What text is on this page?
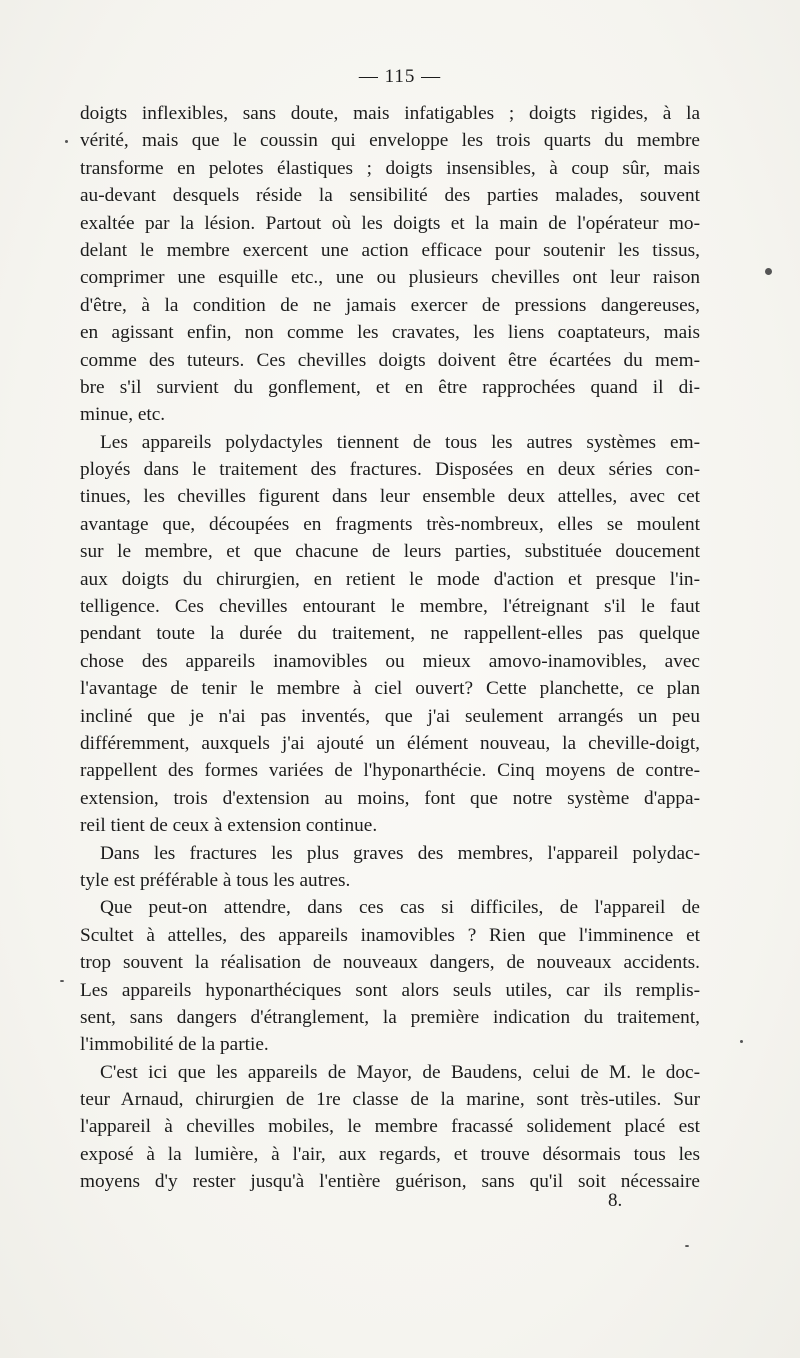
— 115 —
doigts inflexibles, sans doute, mais infatigables ; doigts rigides, à la
vérité, mais que le coussin qui enveloppe les trois quarts du membre
transforme en pelotes élastiques ; doigts insensibles, à coup sûr, mais
au-devant desquels réside la sensibilité des parties malades, souvent
exaltée par la lésion. Partout où les doigts et la main de l'opérateur mo-
delant le membre exercent une action efficace pour soutenir les tissus,
comprimer une esquille etc., une ou plusieurs chevilles ont leur raison
d'être, à la condition de ne jamais exercer de pressions dangereuses,
en agissant enfin, non comme les cravates, les liens coaptateurs, mais
comme des tuteurs. Ces chevilles doigts doivent être écartées du mem-
bre s'il survient du gonflement, et en être rapprochées quand il di-
minue, etc.
Les appareils polydactyles tiennent de tous les autres systèmes em-
ployés dans le traitement des fractures. Disposées en deux séries con-
tinues, les chevilles figurent dans leur ensemble deux attelles, avec cet
avantage que, découpées en fragments très-nombreux, elles se moulent
sur le membre, et que chacune de leurs parties, substituée doucement
aux doigts du chirurgien, en retient le mode d'action et presque l'in-
telligence. Ces chevilles entourant le membre, l'étreignant s'il le faut
pendant toute la durée du traitement, ne rappellent-elles pas quelque
chose des appareils inamovibles ou mieux amovo-inamovibles, avec
l'avantage de tenir le membre à ciel ouvert? Cette planchette, ce plan
incliné que je n'ai pas inventés, que j'ai seulement arrangés un peu
différemment, auxquels j'ai ajouté un élément nouveau, la cheville-doigt,
rappellent des formes variées de l'hyponarthécie. Cinq moyens de contre-
extension, trois d'extension au moins, font que notre système d'appa-
reil tient de ceux à extension continue.
Dans les fractures les plus graves des membres, l'appareil polydac-
tyle est préférable à tous les autres.
Que peut-on attendre, dans ces cas si difficiles, de l'appareil de
Scultet à attelles, des appareils inamovibles ? Rien que l'imminence et
trop souvent la réalisation de nouveaux dangers, de nouveaux accidents.
Les appareils hyponarthéciques sont alors seuls utiles, car ils remplis-
sent, sans dangers d'étranglement, la première indication du traitement,
l'immobilité de la partie.
C'est ici que les appareils de Mayor, de Baudens, celui de M. le doc-
teur Arnaud, chirurgien de 1re classe de la marine, sont très-utiles. Sur
l'appareil à chevilles mobiles, le membre fracassé solidement placé est
exposé à la lumière, à l'air, aux regards, et trouve désormais tous les
moyens d'y rester jusqu'à l'entière guérison, sans qu'il soit nécessaire
8.
